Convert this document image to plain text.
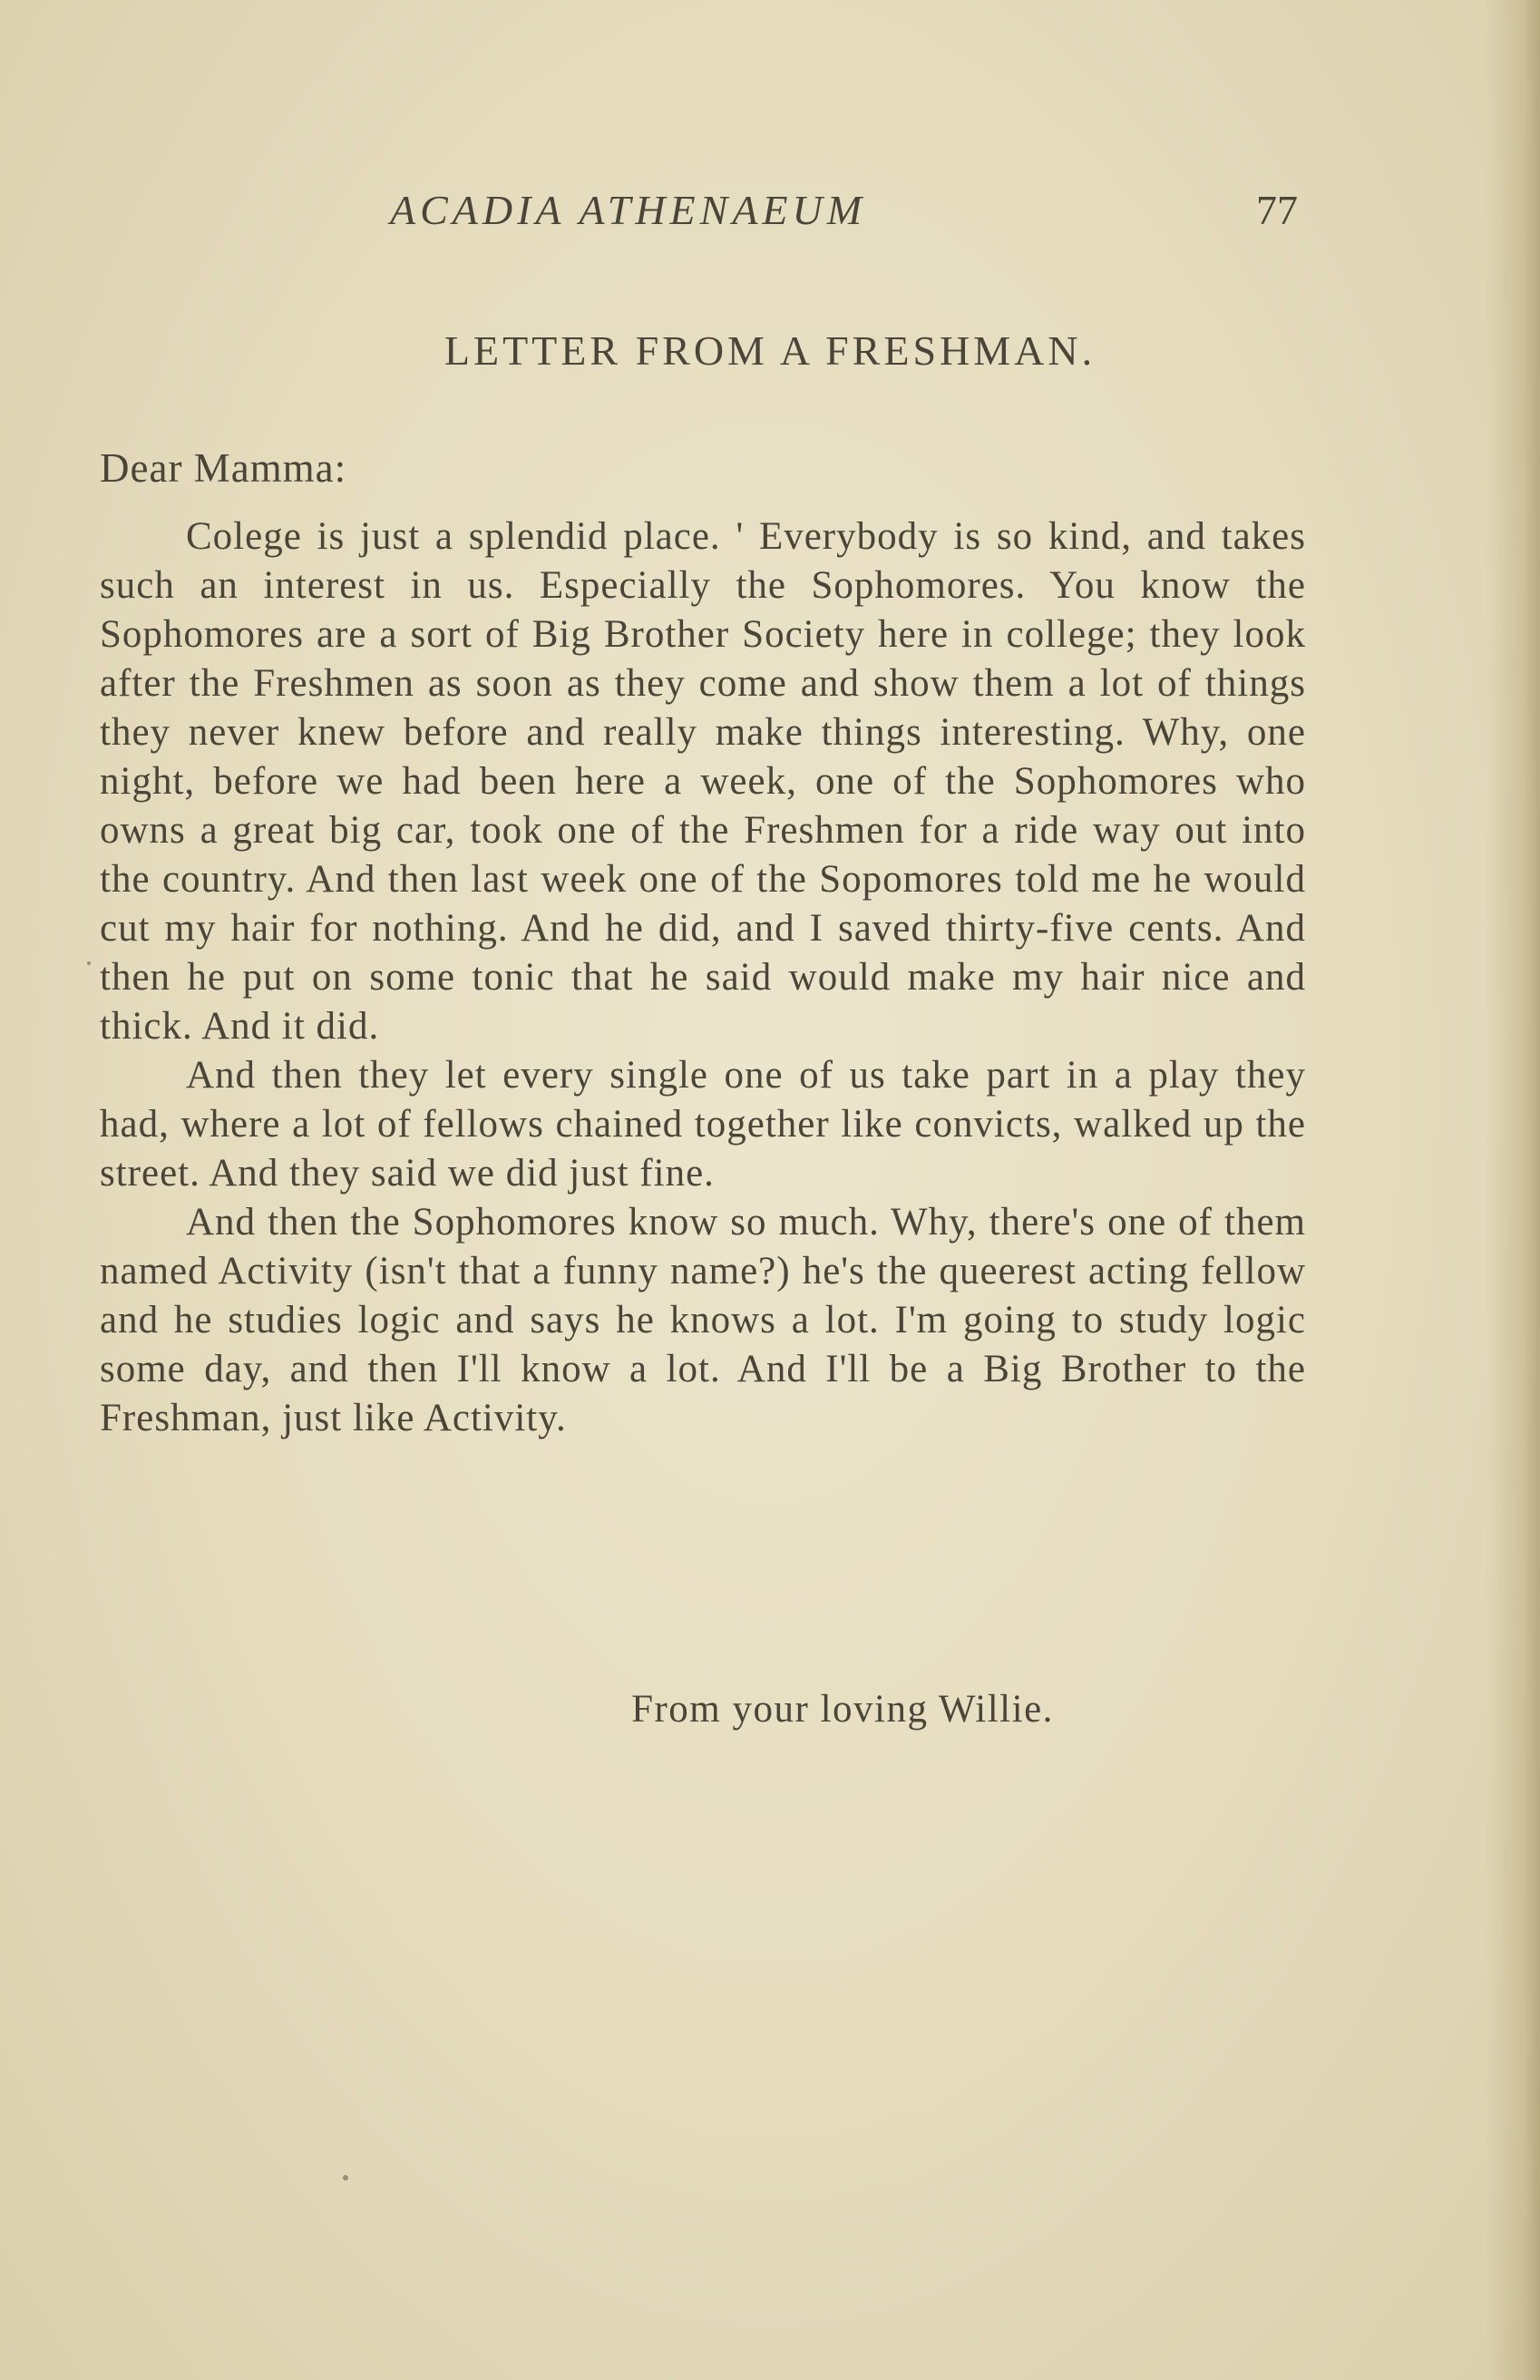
ACADIA ATHENAEUM	77
LETTER FROM A FRESHMAN.
Dear Mamma:

Colege is just a splendid place. ' Everybody is so kind, and takes such an interest in us. Especially the Sophomores. You know the Sophomores are a sort of Big Brother Society here in college; they look after the Freshmen as soon as they come and show them a lot of things they never knew before and really make things interesting. Why, one night, before we had been here a week, one of the Sophomores who owns a great big car, took one of the Freshmen for a ride way out into the country. And then last week one of the Sopomores told me he would cut my hair for nothing. And he did, and I saved thirty-five cents. And then he put on some tonic that he said would make my hair nice and thick. And it did.

And then they let every single one of us take part in a play they had, where a lot of fellows chained together like convicts, walked up the street. And they said we did just fine.

And then the Sophomores know so much. Why, there's one of them named Activity (isn't that a funny name?) he's the queerest acting fellow and he studies logic and says he knows a lot. I'm going to study logic some day, and then I'll know a lot. And I'll be a Big Brother to the Freshman, just like Activity.

From your loving Willie.
